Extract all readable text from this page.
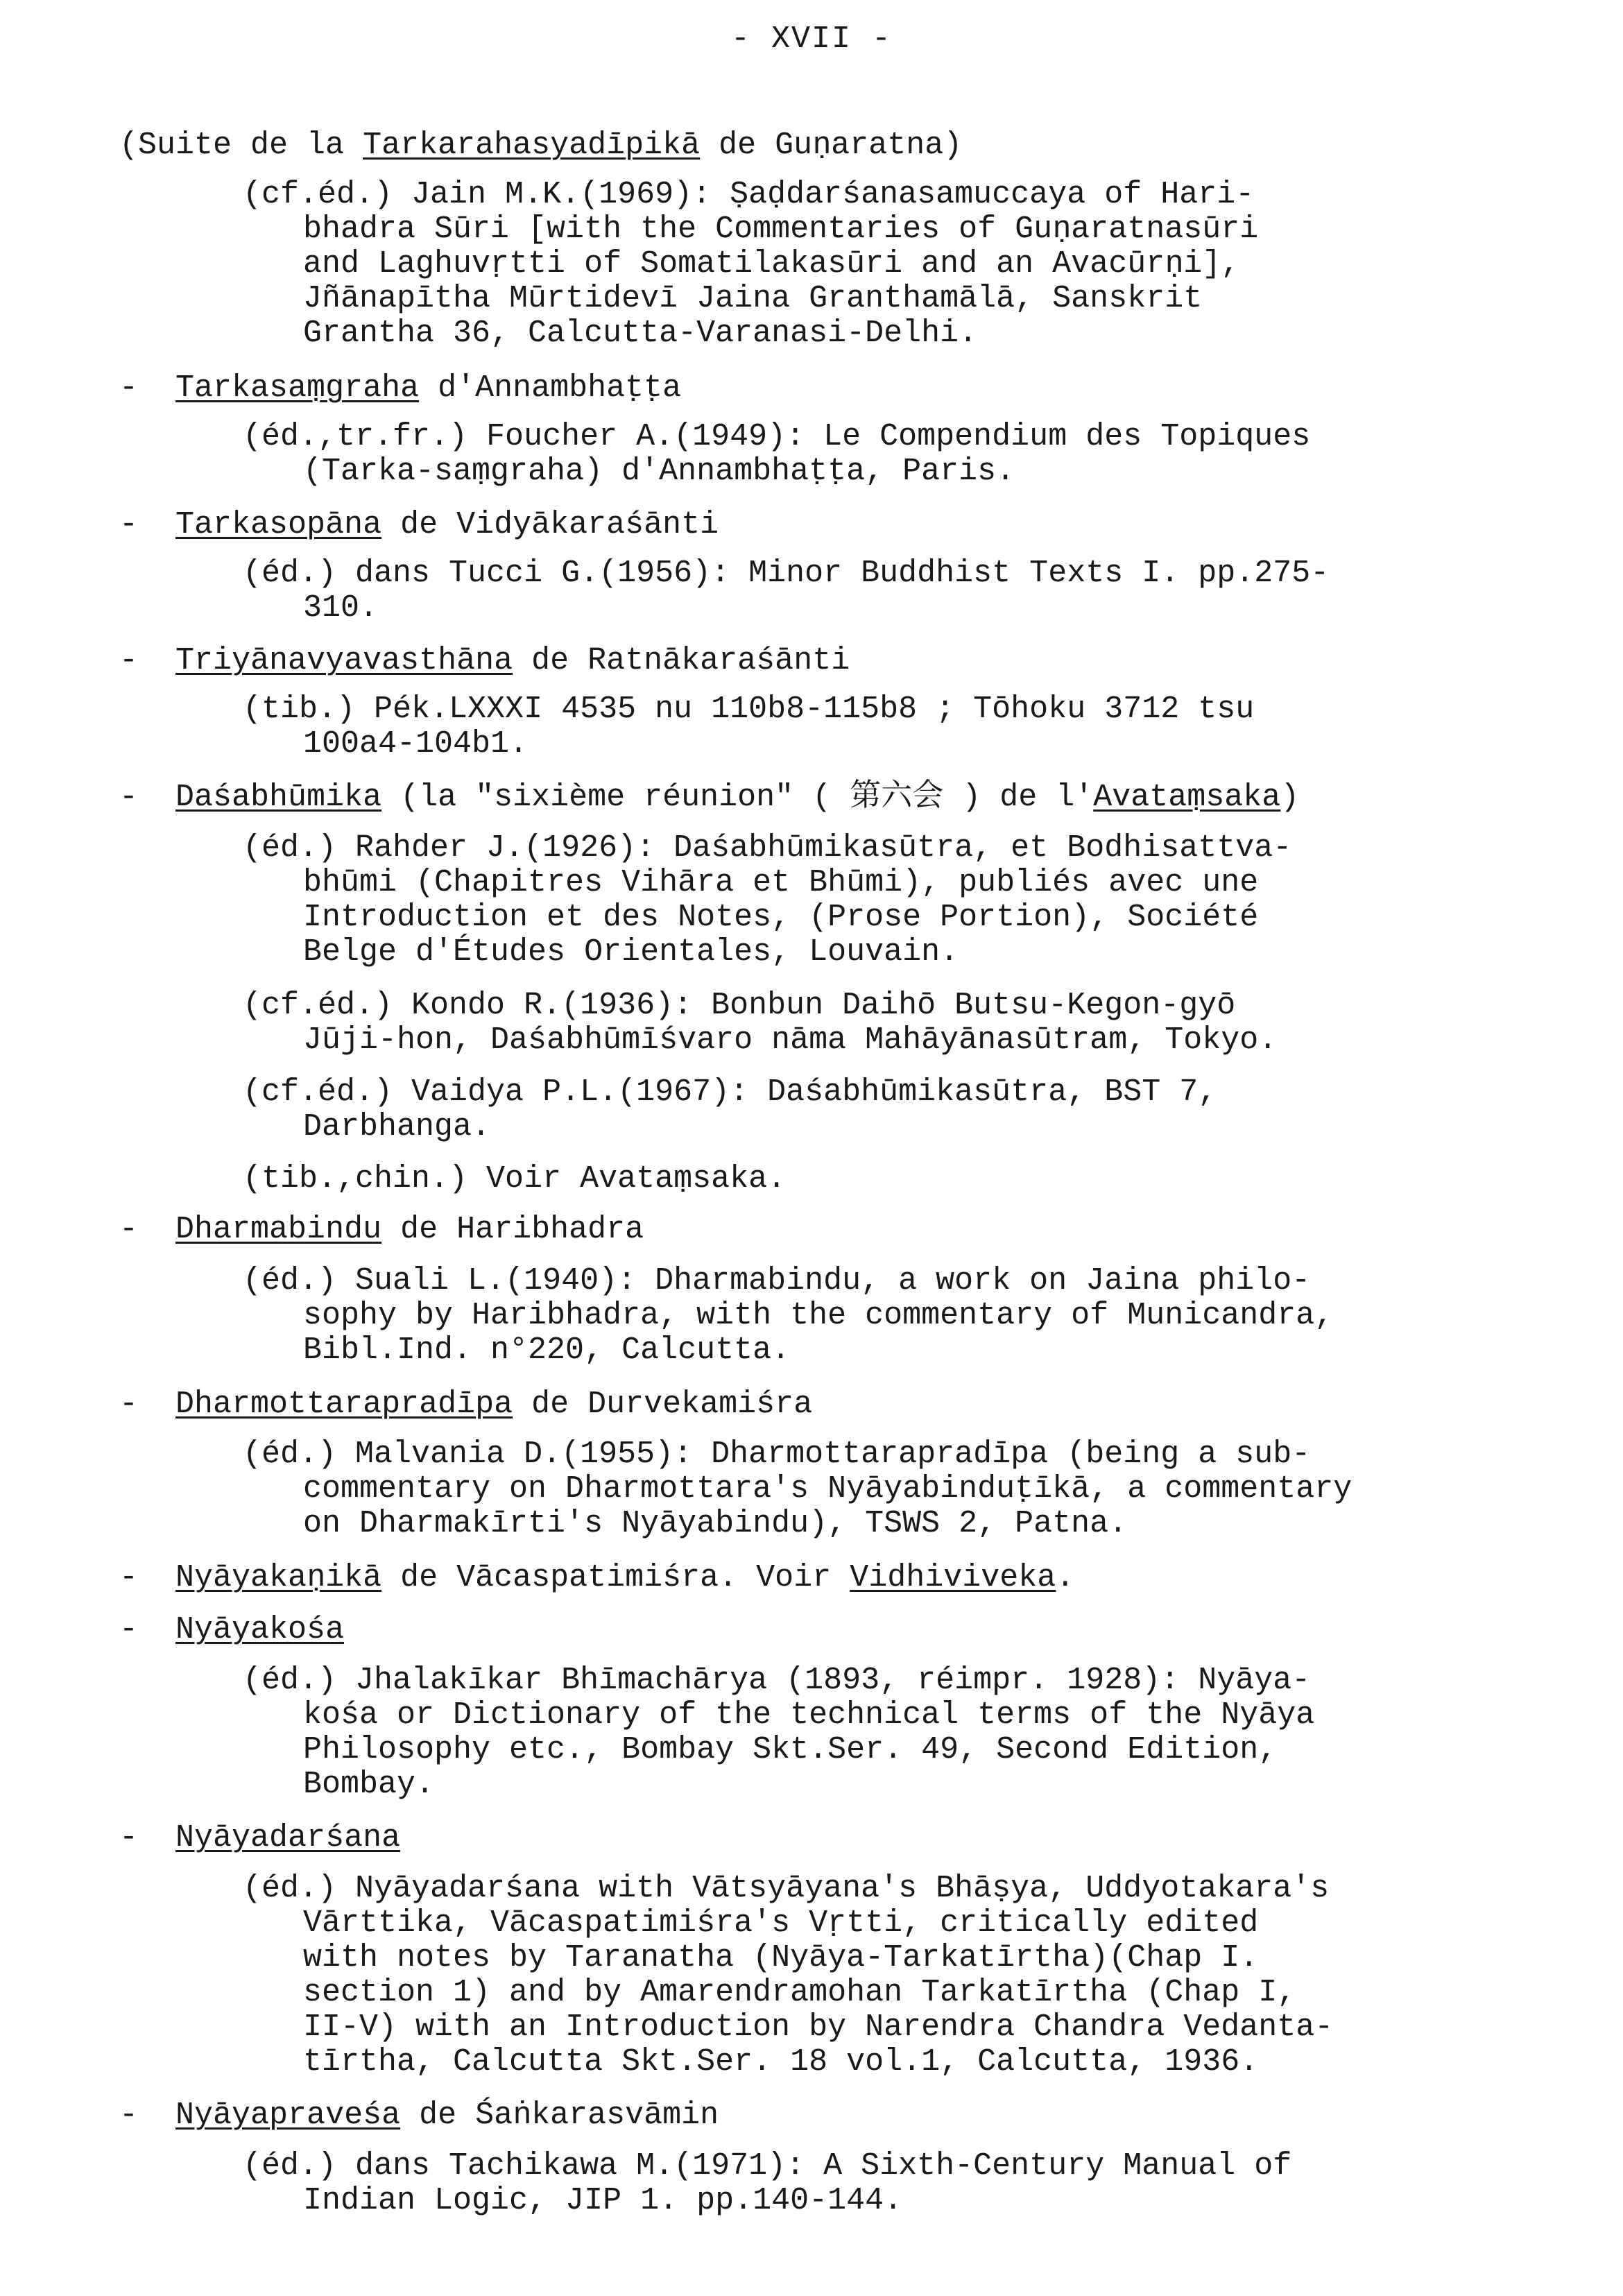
- XVII -
(Suite de la Tarkarahasyadīpikā de Guṇaratna)
(cf.éd.) Jain M.K.(1969): Ṣaḍdarśanasamuccaya of Hari-
bhadra Sūri [with the Commentaries of Guṇaratnasūri
and Laghuvṛtti of Somatilakasūri and an Avacūrṇi],
Jñānapītha Mūrtidevī Jaina Granthamālā, Sanskrit
Grantha 36, Calcutta-Varanasi-Delhi.
- Tarkasaṃgraha d'Annambhaṭṭa
(éd.,tr.fr.) Foucher A.(1949): Le Compendium des Topiques
(Tarka-saṃgraha) d'Annambhaṭṭa, Paris.
- Tarkasopāna de Vidyākaraśānti
(éd.) dans Tucci G.(1956): Minor Buddhist Texts I. pp.275-
310.
- Triyānavyavasthāna de Ratnākaraśānti
(tib.) Pék.LXXXI 4535 nu 110b8-115b8 ; Tōhoku 3712 tsu
100a4-104b1.
- Daśabhūmika (la "sixième réunion" ( 第六会 ) de l'Avataṃsaka)
(éd.) Rahder J.(1926): Daśabhūmikasūtra, et Bodhisattva-
bhūmi (Chapitres Vihāra et Bhūmi), publiés avec une
Introduction et des Notes, (Prose Portion), Société
Belge d'Études Orientales, Louvain.
(cf.éd.) Kondo R.(1936): Bonbun Daihō Butsu-Kegon-gyō
Jūji-hon, Daśabhūmīśvaro nāma Mahāyānasūtram, Tokyo.
(cf.éd.) Vaidya P.L.(1967): Daśabhūmikasūtra, BST 7,
Darbhanga.
(tib.,chin.) Voir Avataṃsaka.
- Dharmabindu de Haribhadra
(éd.) Suali L.(1940): Dharmabindu, a work on Jaina philo-
sophy by Haribhadra, with the commentary of Municandra,
Bibl.Ind. n°220, Calcutta.
- Dharmottarapradīpa de Durvekamiśra
(éd.) Malvania D.(1955): Dharmottarapradīpa (being a sub-
commentary on Dharmottara's Nyāyabinduṭīkā, a commentary
on Dharmakīrti's Nyāyabindu), TSWS 2, Patna.
- Nyāyakaṇikā de Vācaspatimiśra. Voir Vidhiviveka.
- Nyāyakośa
(éd.) Jhalakīkar Bhīmachārya (1893, réimpr. 1928): Nyāya-
kośa or Dictionary of the technical terms of the Nyāya
Philosophy etc., Bombay Skt.Ser. 49, Second Edition,
Bombay.
- Nyāyadarśana
(éd.) Nyāyadarśana with Vātsyāyana's Bhāṣya, Uddyotakara's
Vārttika, Vācaspatimiśra's Vṛtti, critically edited
with notes by Taranatha (Nyāya-Tarkatīrtha)(Chap I.
section 1) and by Amarendramohan Tarkatīrtha (Chap I,
II-V) with an Introduction by Narendra Chandra Vedanta-
tīrtha, Calcutta Skt.Ser. 18 vol.1, Calcutta, 1936.
- Nyāyapraveśa de Śaṅkarasvāmin
(éd.) dans Tachikawa M.(1971): A Sixth-Century Manual of
Indian Logic, JIP 1. pp.140-144.
